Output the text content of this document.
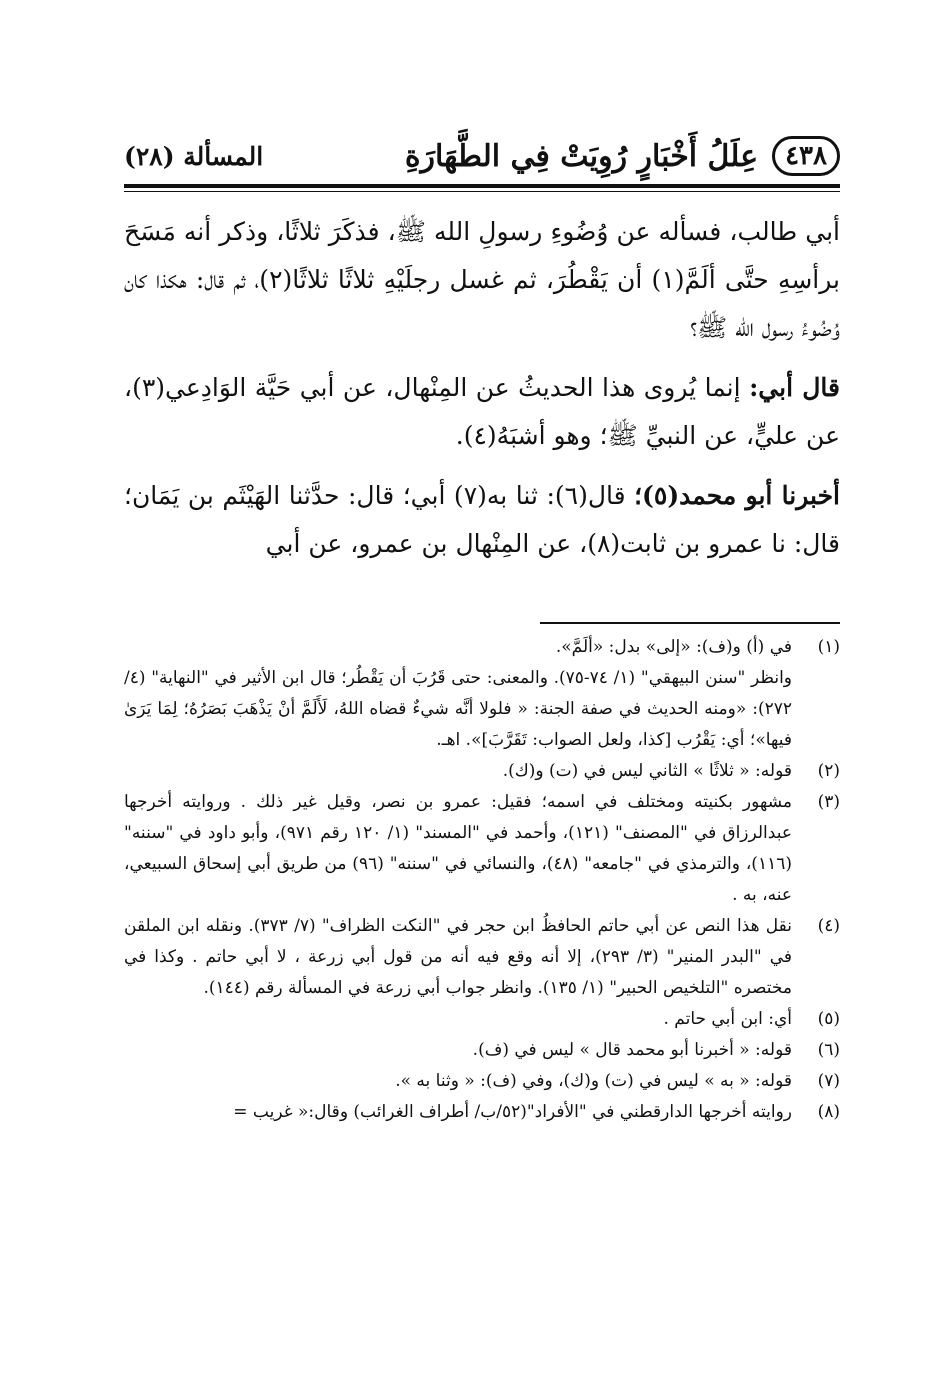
٤٣٨
عِلَلُ أَخْبَارٍ رُوِيَتْ فِي الطَّهَارَةِ
المسألة (٢٨)

أبي طالب، فسأله عن وُضُوءِ رسولِ الله ﷺ، فذكَرَ ثلاثًا، وذكر أنه مَسَحَ برأسِهِ حتَّى ألَمَّ(١) أن يَقْطُرَ، ثم غسل رجلَيْهِ ثلاثًا ثلاثًا(٢)، ثم قال: هكذا كان وُضُوءُ رسول الله ﷺ؟

قال أبي: إنما يُروى هذا الحديثُ عن المِنْهال، عن أبي حَيَّة الوَادِعي(٣)، عن عليٍّ، عن النبيِّ ﷺ؛ وهو أشبَهُ(٤).

أخبرنا أبو محمد(٥)؛ قال(٦): ثنا به(٧) أبي؛ قال: حدَّثنا الهَيْثَم بن يَمَان؛ قال: نا عمرو بن ثابت(٨)، عن المِنْهال بن عمرو، عن أبي

(١)
في (أ) و(ف): «إلى» بدل: «ألَمَّ».
وانظر "سنن البيهقي" (١/ ٧٤-٧٥). والمعنى: حتى قَرُبَ أن يَقْطُر؛ قال ابن الأثير في "النهاية" (٤/ ٢٧٢): «ومنه الحديث في صفة الجنة: « فلولا أنَّه شيءٌ قضاه اللهُ، لَأَلَمَّ أنْ يَذْهَبَ بَصَرُهُ؛ لِمَا يَرَىٰ فيها»؛ أي: يَقْرُب [كذا، ولعل الصواب: تَقَرَّبَ]». اهـ.
(٢)
قوله: « ثلاثًا » الثاني ليس في (ت) و(ك).
(٣)
مشهور بكنيته ومختلف في اسمه؛ فقيل: عمرو بن نصر، وقيل غير ذلك . وروايته أخرجها عبدالرزاق في "المصنف" (١٢١)، وأحمد في "المسند" (١/ ١٢٠ رقم ٩٧١)، وأبو داود في "سننه" (١١٦)، والترمذي في "جامعه" (٤٨)، والنسائي في "سننه" (٩٦) من طريق أبي إسحاق السبيعي، عنه، به .
(٤)
نقل هذا النص عن أبي حاتم الحافظُ ابن حجر في "النكت الظراف" (٧/ ٣٧٣). ونقله ابن الملقن في "البدر المنير" (٣/ ٢٩٣)، إلا أنه وقع فيه أنه من قول أبي زرعة ، لا أبي حاتم . وكذا في مختصره "التلخيص الحبير" (١/ ١٣٥). وانظر جواب أبي زرعة في المسألة رقم (١٤٤).
(٥)
أي: ابن أبي حاتم .
(٦)
قوله: « أخبرنا أبو محمد قال » ليس في (ف).
(٧)
قوله: « به » ليس في (ت) و(ك)، وفي (ف): « وثنا به ».
(٨)
روايته أخرجها الدارقطني في "الأفراد"(٥٢/ب/ أطراف الغرائب) وقال:« غريب =
